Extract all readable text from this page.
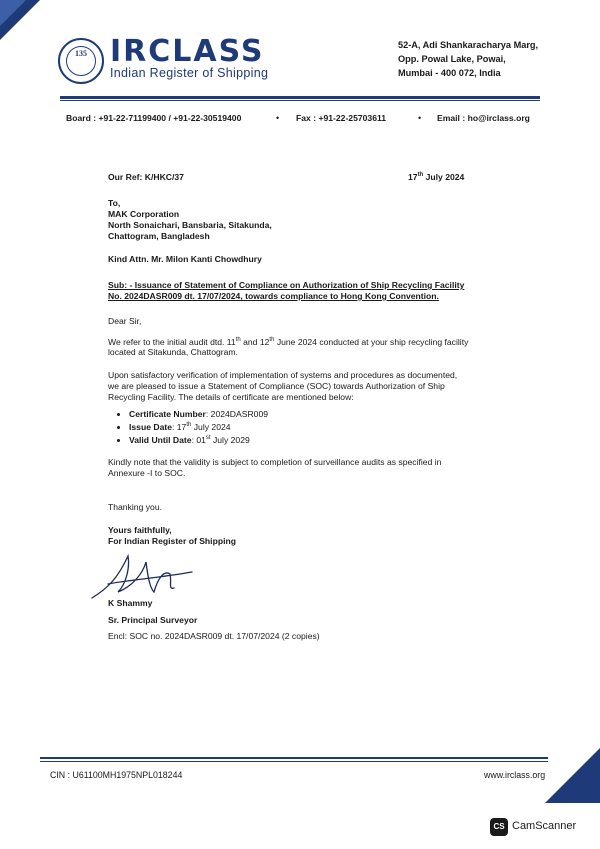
135 IRCLASS
Indian Register of Shipping
52-A, Adi Shankaracharya Marg,
Opp. Powal Lake, Powai,
Mumbai - 400 072, India
Board : +91-22-71199400 / +91-22-30519400	• Fax : +91-22-25703611	• Email : ho@irclass.org
Our Ref: K/HKC/37	17th July 2024
To,
MAK Corporation
North Sonaichari, Bansbaria, Sitakunda,
Chattogram, Bangladesh
Kind Attn. Mr. Milon Kanti Chowdhury
Sub: - Issuance of Statement of Compliance on Authorization of Ship Recycling Facility
No. 2024DASR009 dt. 17/07/2024, towards compliance to Hong Kong Convention.
Dear Sir,
We refer to the initial audit dtd. 11th and 12th June 2024 conducted at your ship recycling facility
located at Sitakunda, Chattogram.
Upon satisfactory verification of implementation of systems and procedures as documented,
we are pleased to issue a Statement of Compliance (SOC) towards Authorization of Ship
Recycling Facility. The details of certificate are mentioned below:
• Certificate Number: 2024DASR009
• Issue Date: 17th July 2024
• Valid Until Date: 01st July 2029
Kindly note that the validity is subject to completion of surveillance audits as specified in
Annexure -I to SOC.
Thanking you.
Yours faithfully,
For Indian Register of Shipping
K Shammy
Sr. Principal Surveyor
Encl: SOC no. 2024DASR009 dt. 17/07/2024 (2 copies)
CIN : U61100MH1975NPL018244	www.irclass.org
CS CamScanner
